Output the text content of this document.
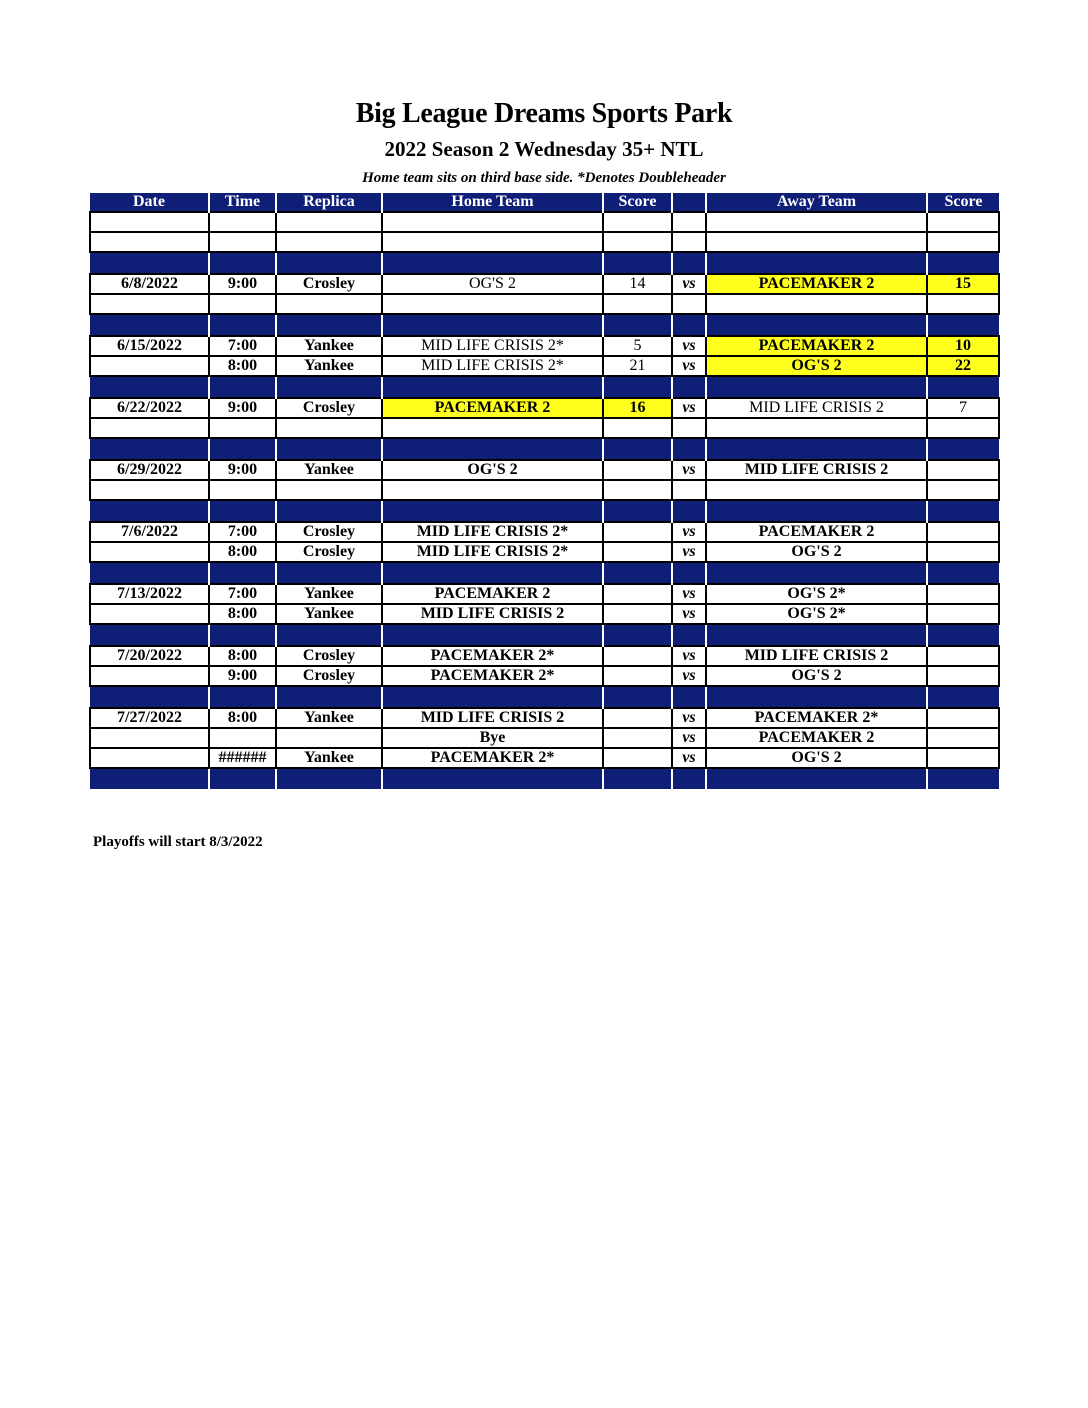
Big League Dreams Sports Park
2022 Season 2 Wednesday 35+ NTL
Home team sits on third base side. *Denotes Doubleheader
Date	Time	Replica	Home Team	Score		Away Team	Score

6/8/2022	9:00	Crosley	OG'S 2	14	vs	PACEMAKER 2	15

6/15/2022	7:00	Yankee	MID LIFE CRISIS 2*	5	vs	PACEMAKER 2	10
	8:00	Yankee	MID LIFE CRISIS 2*	21	vs	OG'S 2	22

6/22/2022	9:00	Crosley	PACEMAKER 2	16	vs	MID LIFE CRISIS 2	7

6/29/2022	9:00	Yankee	OG'S 2		vs	MID LIFE CRISIS 2	

7/6/2022	7:00	Crosley	MID LIFE CRISIS 2*		vs	PACEMAKER 2	
	8:00	Crosley	MID LIFE CRISIS 2*		vs	OG'S 2	

7/13/2022	7:00	Yankee	PACEMAKER 2		vs	OG'S 2*	
	8:00	Yankee	MID LIFE CRISIS 2		vs	OG'S 2*	

7/20/2022	8:00	Crosley	PACEMAKER 2*		vs	MID LIFE CRISIS 2	
	9:00	Crosley	PACEMAKER 2*		vs	OG'S 2	

7/27/2022	8:00	Yankee	MID LIFE CRISIS 2		vs	PACEMAKER 2*	
			Bye		vs	PACEMAKER 2	
	######	Yankee	PACEMAKER 2*		vs	OG'S 2	

Playoffs will start 8/3/2022
